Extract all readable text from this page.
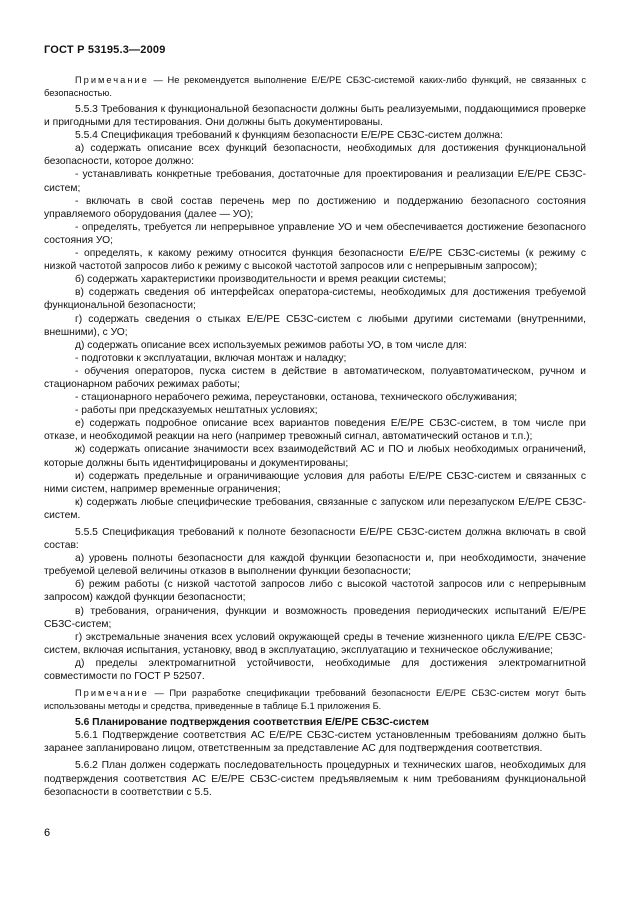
ГОСТ Р 53195.3—2009

Примечание — Не рекомендуется выполнение Е/Е/РЕ СБЗС-системой каких-либо функций, не связанных с безопасностью.

5.5.3 Требования к функциональной безопасности должны быть реализуемыми, поддающимися проверке и пригодными для тестирования. Они должны быть документированы.

5.5.4 Спецификация требований к функциям безопасности Е/Е/РЕ СБЗС-систем должна:

а) содержать описание всех функций безопасности, необходимых для достижения функциональной безопасности, которое должно:

- устанавливать конкретные требования, достаточные для проектирования и реализации Е/Е/РЕ СБЗС-систем;

- включать в свой состав перечень мер по достижению и поддержанию безопасного состояния управляемого оборудования (далее — УО);

- определять, требуется ли непрерывное управление УО и чем обеспечивается достижение безопасного состояния УО;

- определять, к какому режиму относится функция безопасности Е/Е/РЕ СБЗС-системы (к режиму с низкой частотой запросов либо к режиму с высокой частотой запросов или с непрерывным запросом);

б) содержать характеристики производительности и время реакции системы;

в) содержать сведения об интерфейсах оператора-системы, необходимых для достижения требуемой функциональной безопасности;

г) содержать сведения о стыках Е/Е/РЕ СБЗС-систем с любыми другими системами (внутренними, внешними), с УО;

д) содержать описание всех используемых режимов работы УО, в том числе для:

- подготовки к эксплуатации, включая монтаж и наладку;

- обучения операторов, пуска систем в действие в автоматическом, полуавтоматическом, ручном и стационарном рабочих режимах работы;

- стационарного нерабочего режима, переустановки, останова, технического обслуживания;

- работы при предсказуемых нештатных условиях;

е) содержать подробное описание всех вариантов поведения Е/Е/РЕ СБЗС-систем, в том числе при отказе, и необходимой реакции на него (например тревожный сигнал, автоматический останов и т.п.);

ж) содержать описание значимости всех взаимодействий АС и ПО и любых необходимых ограничений, которые должны быть идентифицированы и документированы;

и) содержать предельные и ограничивающие условия для работы Е/Е/РЕ СБЗС-систем и связанных с ними систем, например временные ограничения;

к) содержать любые специфические требования, связанные с запуском или перезапуском Е/Е/РЕ СБЗС-систем.

5.5.5 Спецификация требований к полноте безопасности Е/Е/РЕ СБЗС-систем должна включать в свой состав:

а) уровень полноты безопасности для каждой функции безопасности и, при необходимости, значение требуемой целевой величины отказов в выполнении функции безопасности;

б) режим работы (с низкой частотой запросов либо с высокой частотой запросов или с непрерывным запросом) каждой функции безопасности;

в) требования, ограничения, функции и возможность проведения периодических испытаний Е/Е/РЕ СБЗС-систем;

г) экстремальные значения всех условий окружающей среды в течение жизненного цикла Е/Е/РЕ СБЗС-систем, включая испытания, установку, ввод в эксплуатацию, эксплуатацию и техническое обслуживание;

д) пределы электромагнитной устойчивости, необходимые для достижения электромагнитной совместимости по ГОСТ Р 52507.

Примечание — При разработке спецификации требований безопасности Е/Е/РЕ СБЗС-систем могут быть использованы методы и средства, приведенные в таблице Б.1 приложения Б.

5.6 Планирование подтверждения соответствия Е/Е/РЕ СБЗС-систем

5.6.1 Подтверждение соответствия АС Е/Е/РЕ СБЗС-систем установленным требованиям должно быть заранее запланировано лицом, ответственным за представление АС для подтверждения соответствия.

5.6.2 План должен содержать последовательность процедурных и технических шагов, необходимых для подтверждения соответствия АС Е/Е/РЕ СБЗС-систем предъявляемым к ним требованиям функциональной безопасности в соответствии с 5.5.

6
